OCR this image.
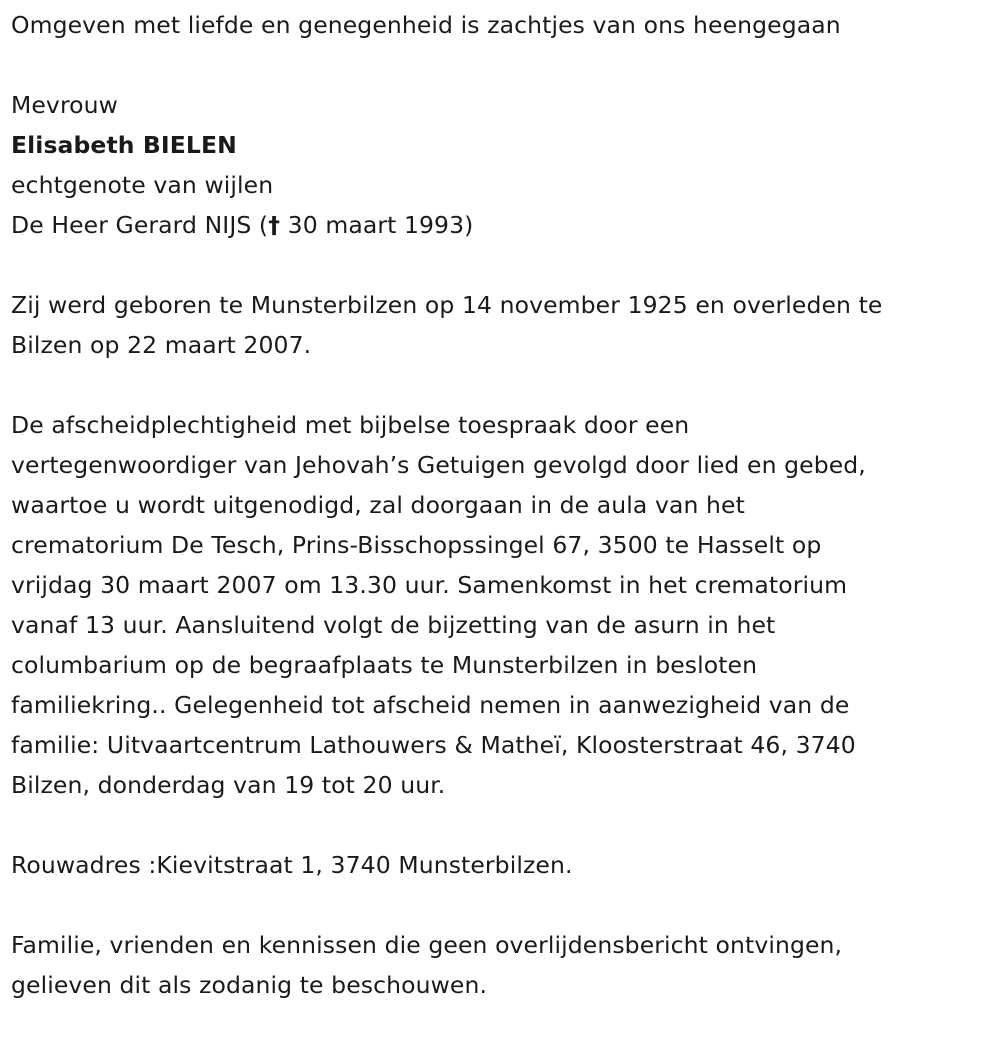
Omgeven met liefde en genegenheid is zachtjes van ons heengegaan
Mevrouw
Elisabeth BIELEN
echtgenote van wijlen
De Heer Gerard NIJS († 30 maart 1993)
Zij werd geboren te Munsterbilzen op 14 november 1925 en overleden te
Bilzen op 22 maart 2007.
De afscheidplechtigheid met bijbelse toespraak door een
vertegenwoordiger van Jehovah’s Getuigen gevolgd door lied en gebed,
waartoe u wordt uitgenodigd, zal doorgaan in de aula van het
crematorium De Tesch, Prins-Bisschopssingel 67, 3500 te Hasselt op
vrijdag 30 maart 2007 om 13.30 uur. Samenkomst in het crematorium
vanaf 13 uur. Aansluitend volgt de bijzetting van de asurn in het
columbarium op de begraafplaats te Munsterbilzen in besloten
familiekring.. Gelegenheid tot afscheid nemen in aanwezigheid van de
familie: Uitvaartcentrum Lathouwers & Matheï, Kloosterstraat 46, 3740
Bilzen, donderdag van 19 tot 20 uur.
Rouwadres :Kievitstraat 1, 3740 Munsterbilzen.
Familie, vrienden en kennissen die geen overlijdensbericht ontvingen,
gelieven dit als zodanig te beschouwen.
